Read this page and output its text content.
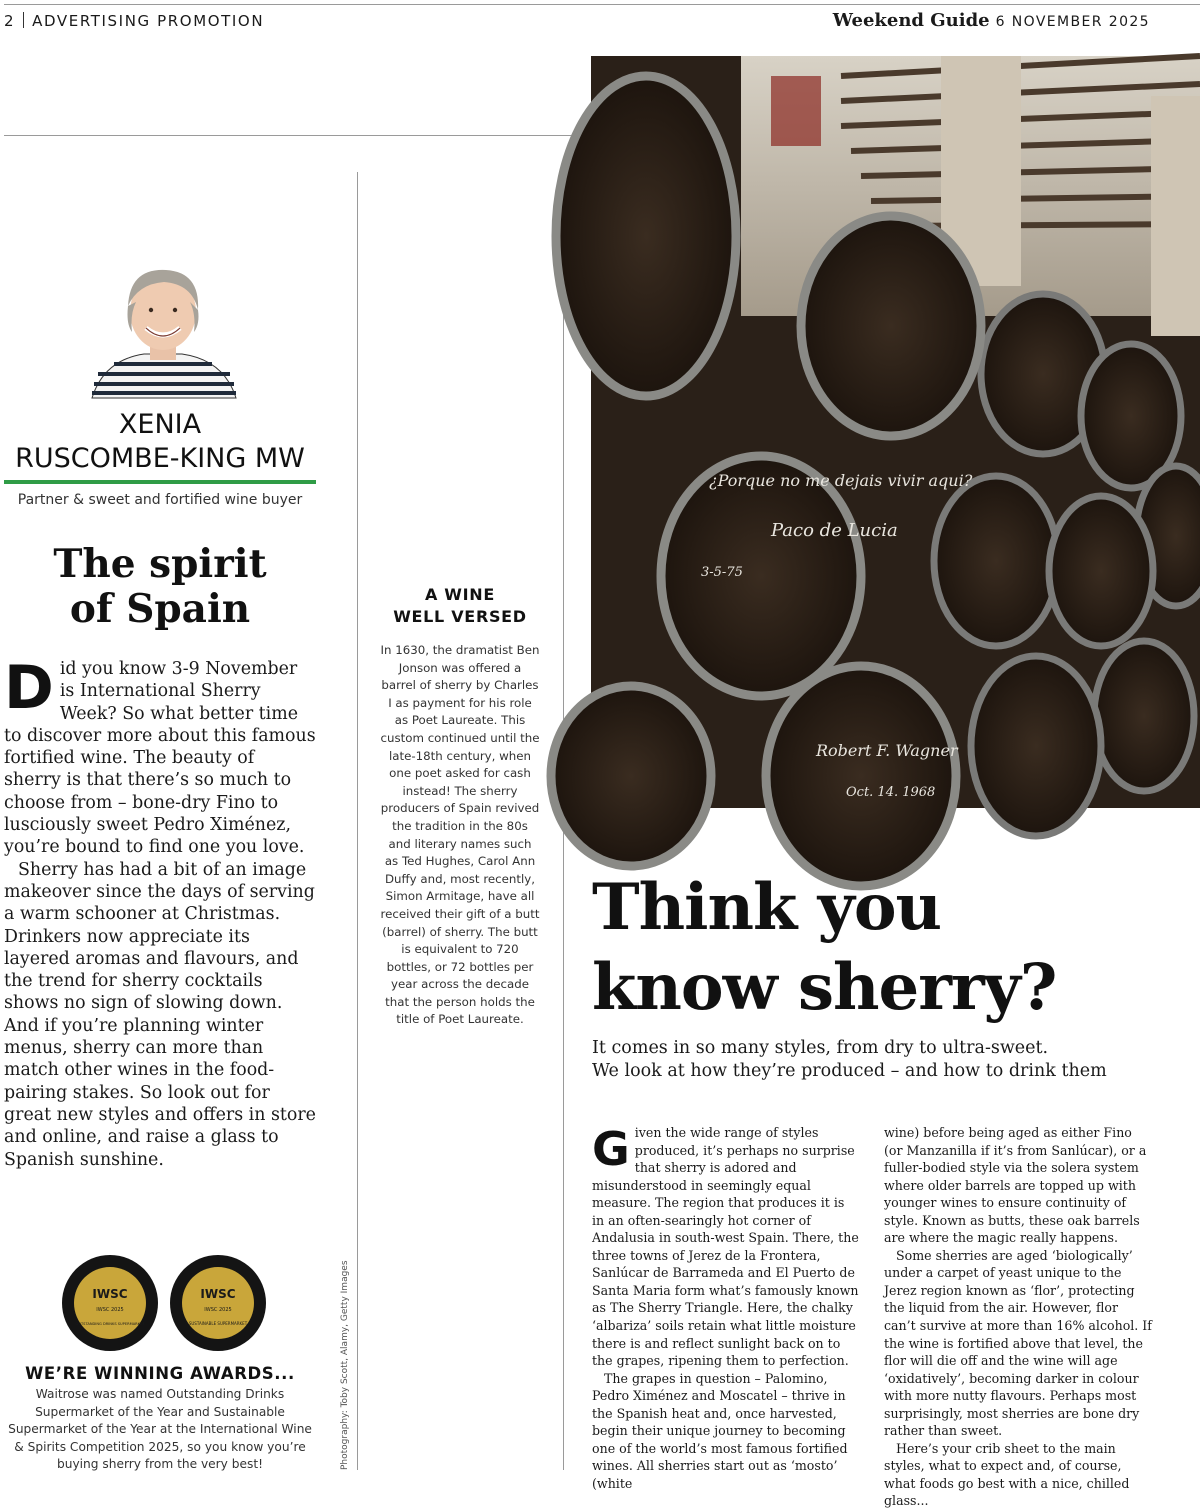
2 ADVERTISING PROMOTION	Weekend Guide 6 NOVEMBER 2025
¿Porque no me dejais vivir aqui?
Paco de Lucia
3-5-75
Robert F. Wagner
Oct. 14. 1968
XENIA
RUSCOMBE-KING MW
Partner & sweet and fortified wine buyer
The spirit
of Spain

Did you know 3-9 November is International Sherry Week? So what better time to discover more about this famous fortified wine. The beauty of sherry is that there’s so much to choose from – bone-dry Fino to lusciously sweet Pedro Ximénez, you’re bound to find one you love.

Sherry has had a bit of an image makeover since the days of serving a warm schooner at Christmas. Drinkers now appreciate its layered aromas and flavours, and the trend for sherry cocktails shows no sign of slowing down. And if you’re planning winter menus, sherry can more than match other wines in the food-pairing stakes. So look out for great new styles and offers in store and online, and raise a glass to Spanish sunshine.

IWSC
IWSC 2025
OUTSTANDING DRINKS SUPERMARKET
IWSC
IWSC 2025
SUSTAINABLE SUPERMARKET
WE’RE WINNING AWARDS...
Waitrose was named Outstanding Drinks Supermarket of the Year and Sustainable Supermarket of the Year at the International Wine & Spirits Competition 2025, so you know you’re buying sherry from the very best!	Photography: Toby Scott, Alamy, Getty Images
A WINE
WELL VERSED
In 1630, the dramatist Ben Jonson was offered a barrel of sherry by Charles I as payment for his role as Poet Laureate. This custom continued until the late-18th century, when one poet asked for cash instead! The sherry producers of Spain revived the tradition in the 80s and literary names such as Ted Hughes, Carol Ann Duffy and, most recently, Simon Armitage, have all received their gift of a butt (barrel) of sherry. The butt is equivalent to 720 bottles, or 72 bottles per year across the decade that the person holds the title of Poet Laureate.
Think you
know sherry?
It comes in so many styles, from dry to ultra-sweet.
We look at how they’re produced – and how to drink them

Given the wide range of styles produced, it’s perhaps no surprise that sherry is adored and misunderstood in seemingly equal measure. The region that produces it is in an often-searingly hot corner of Andalusia in south-west Spain. There, the three towns of Jerez de la Frontera, Sanlúcar de Barrameda and El Puerto de Santa Maria form what’s famously known as The Sherry Triangle. Here, the chalky ‘albariza’ soils retain what little moisture there is and reflect sunlight back on to the grapes, ripening them to perfection.

The grapes in question – Palomino, Pedro Ximénez and Moscatel – thrive in the Spanish heat and, once harvested, begin their unique journey to becoming one of the world’s most famous fortified wines. All sherries start out as ‘mosto’ (white

wine) before being aged as either Fino (or Manzanilla if it’s from Sanlúcar), or a fuller-bodied style via the solera system where older barrels are topped up with younger wines to ensure continuity of style. Known as butts, these oak barrels are where the magic really happens.

Some sherries are aged ‘biologically’ under a carpet of yeast unique to the Jerez region known as ‘flor’, protecting the liquid from the air. However, flor can’t survive at more than 16% alcohol. If the wine is fortified above that level, the flor will die off and the wine will age ‘oxidatively’, becoming darker in colour with more nutty flavours. Perhaps most surprisingly, most sherries are bone dry rather than sweet.

Here’s your crib sheet to the main styles, what to expect and, of course, what foods go best with a nice, chilled glass...
